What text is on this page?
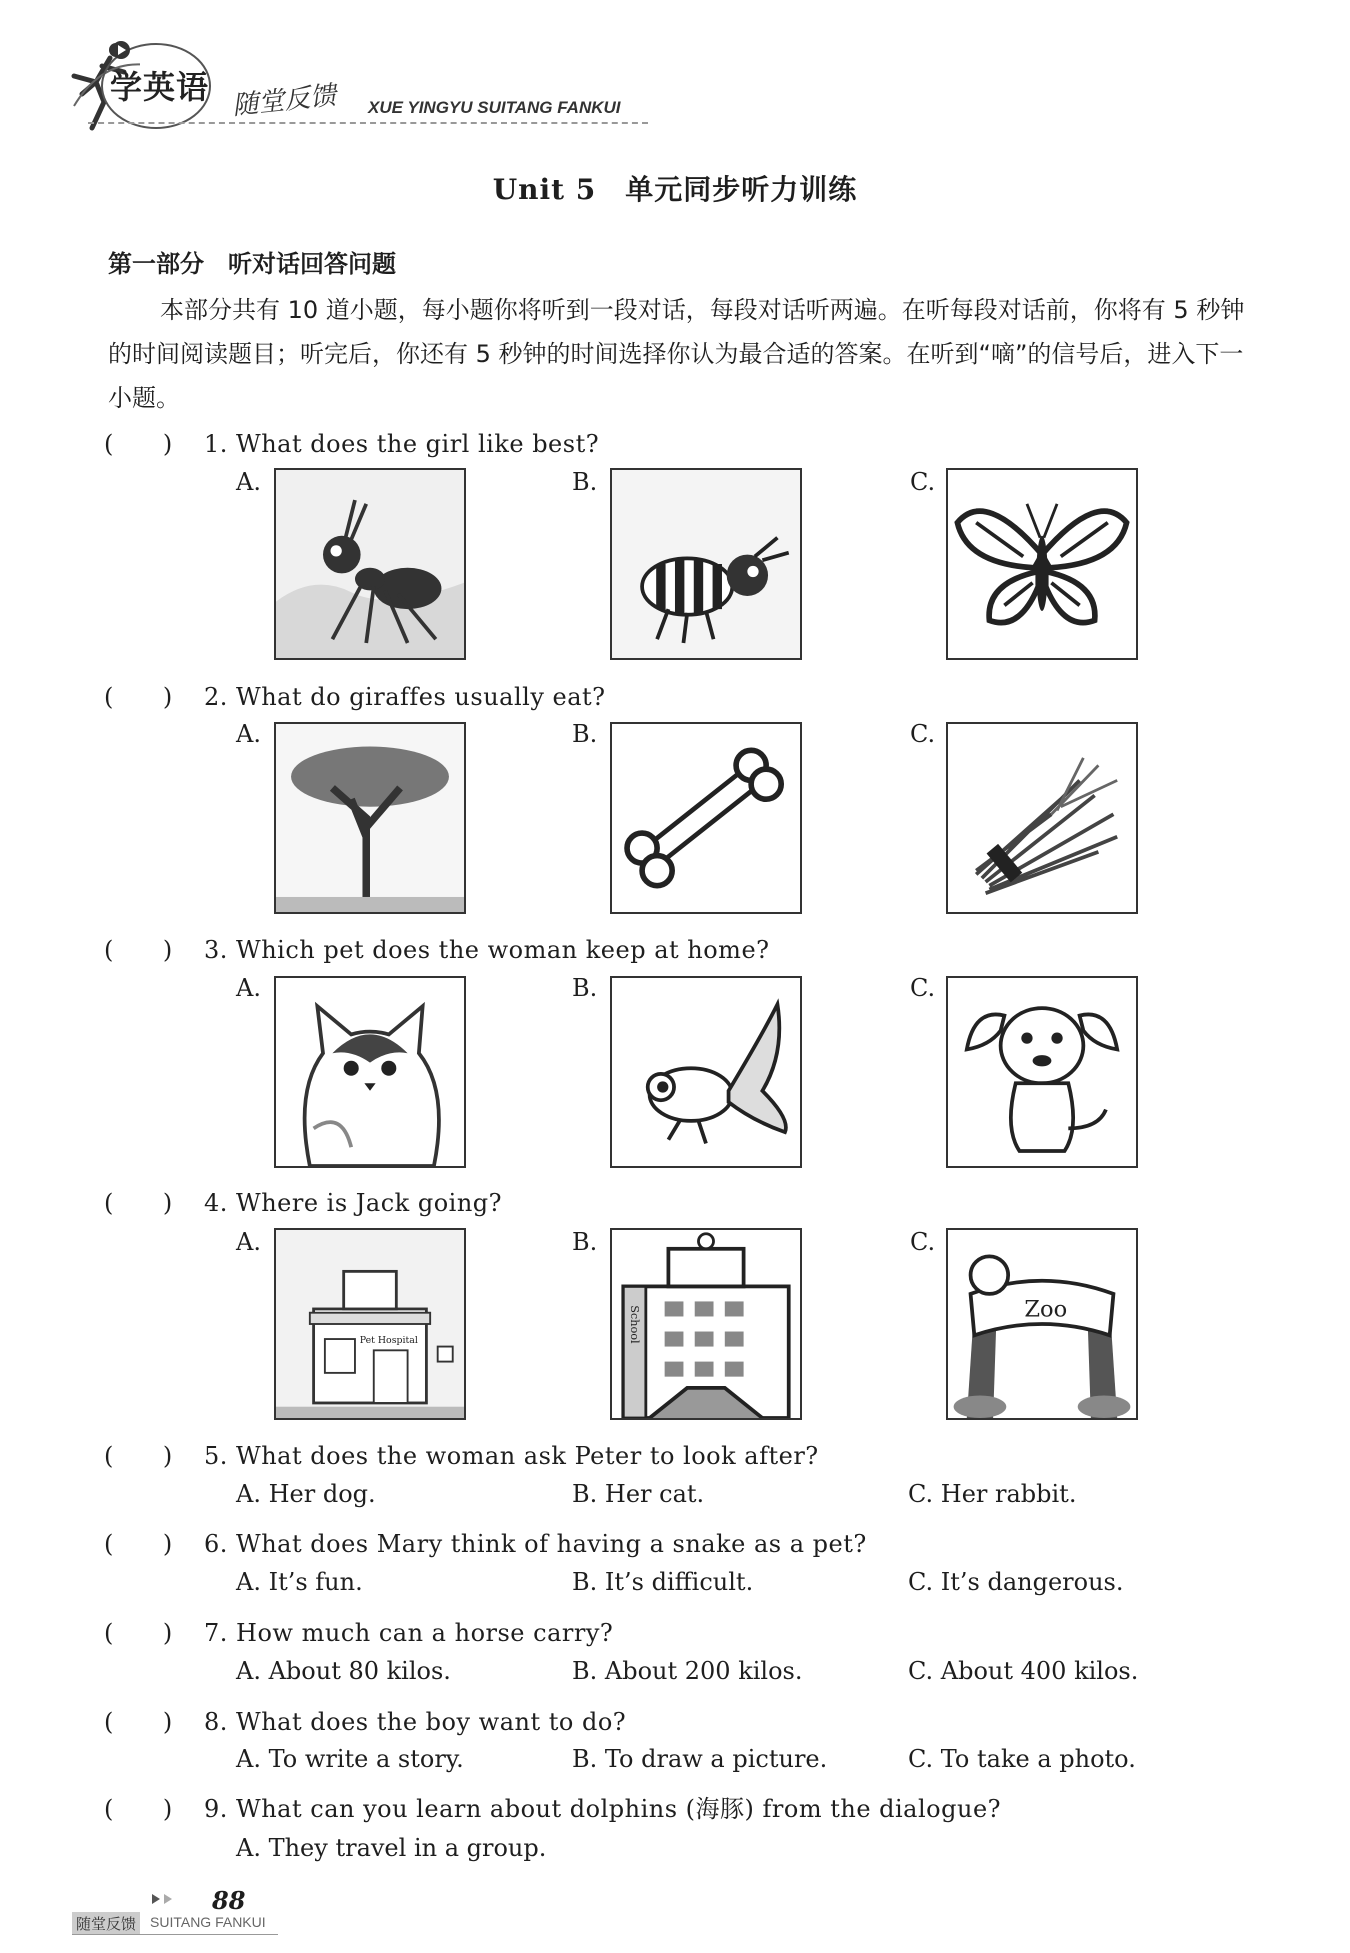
学英语 随堂反馈 XUE YINGYU SUITANG FANKUI
Unit 5　单元同步听力训练
第一部分　听对话回答问题
本部分共有 10 道小题，每小题你将听到一段对话，每段对话听两遍。在听每段对话前，你将有 5 秒钟的时间阅读题目；听完后，你还有 5 秒钟的时间选择你认为最合适的答案。在听到“嘀”的信号后，进入下一小题。
(　　) 1. What does the girl like best?
A.	B.	C.
(　　) 2. What do giraffes usually eat?
A.	B.	C.
(　　) 3. Which pet does the woman keep at home?
A.	B.	C.
(　　) 4. Where is Jack going?
A.	B.	C.
Pet Hospital	School	Zoo
(　　) 5. What does the woman ask Peter to look after?
A. Her dog.	B. Her cat.	C. Her rabbit.
(　　) 6. What does Mary think of having a snake as a pet?
A. It’s fun.	B. It’s difficult.	C. It’s dangerous.
(　　) 7. How much can a horse carry?
A. About 80 kilos.	B. About 200 kilos.	C. About 400 kilos.
(　　) 8. What does the boy want to do?
A. To write a story.	B. To draw a picture.	C. To take a photo.
(　　) 9. What can you learn about dolphins (海豚) from the dialogue?
A. They travel in a group.
88
随堂反馈 SUITANG FANKUI
